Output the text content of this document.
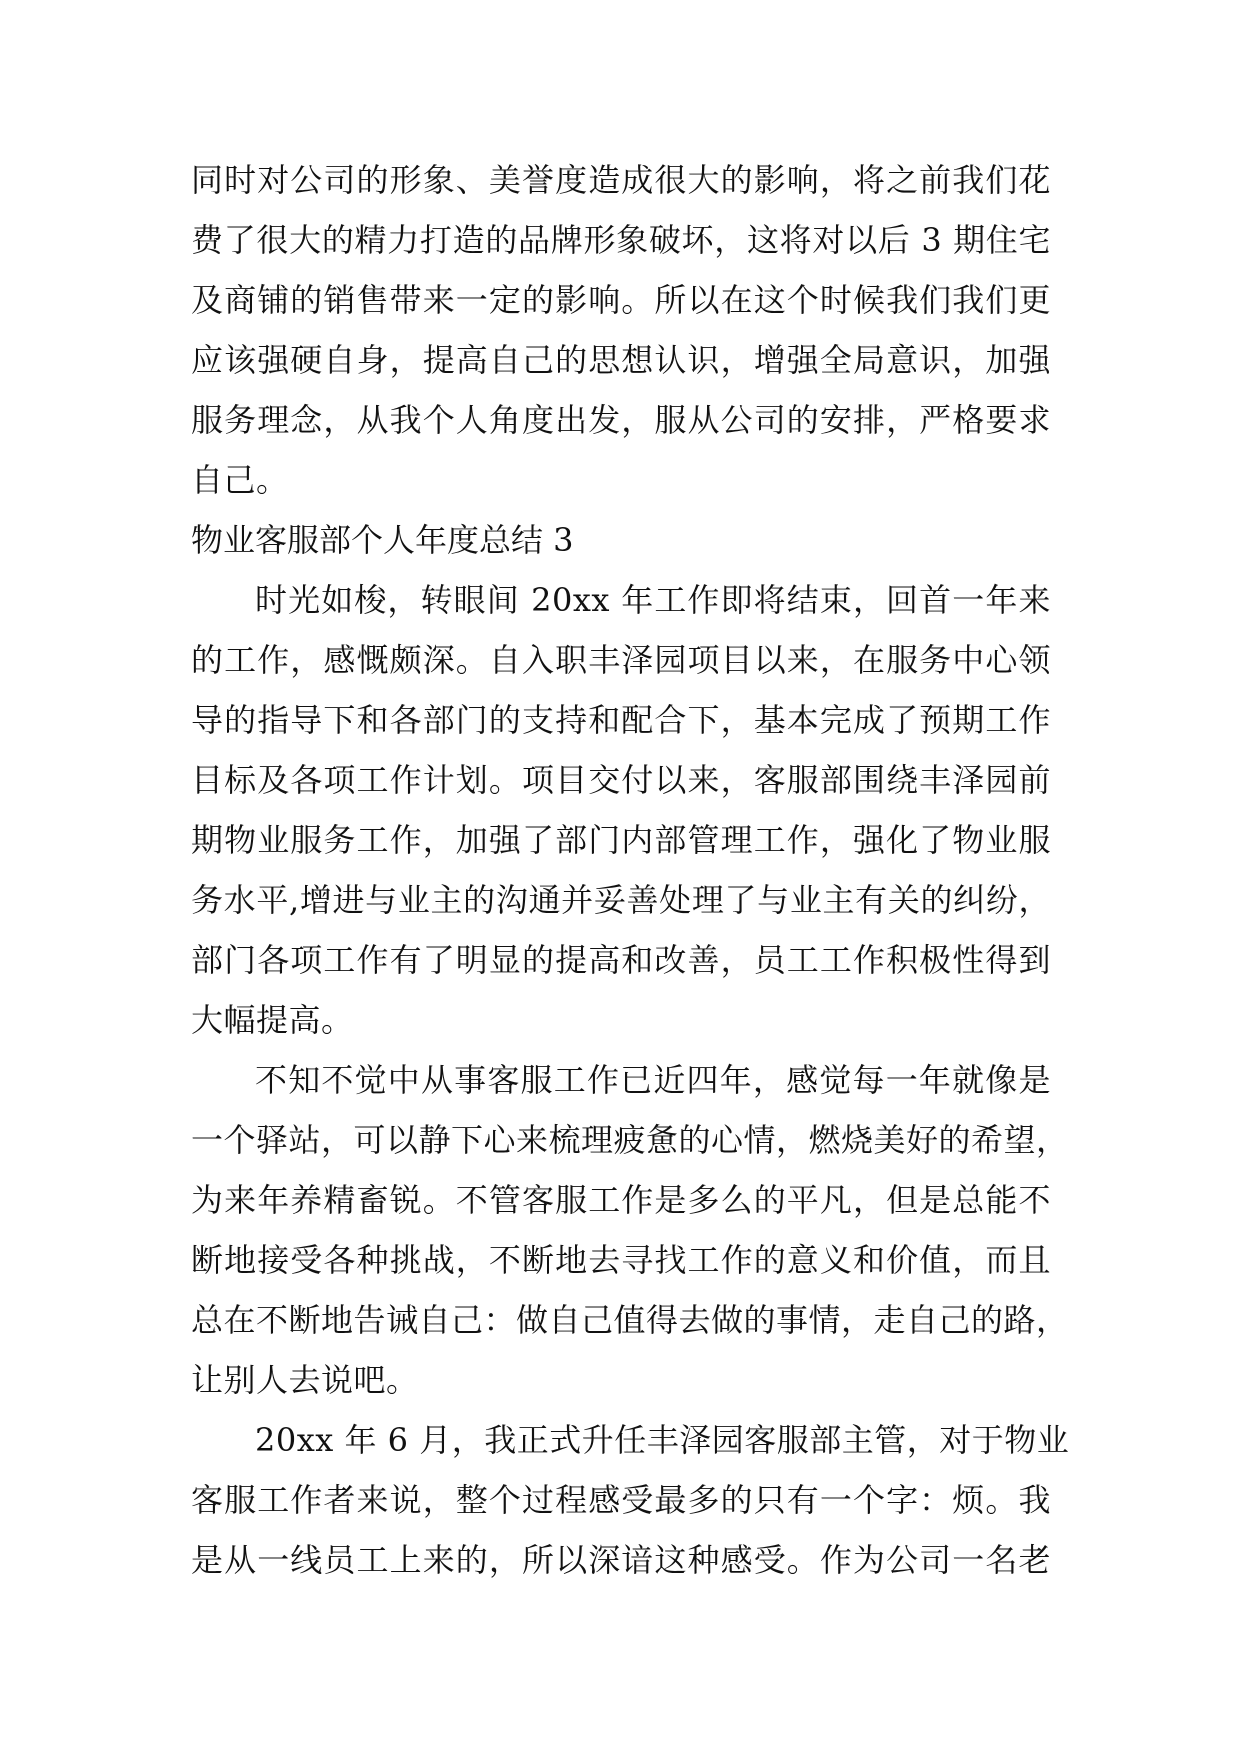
同时对公司的形象、美誉度造成很大的影响，将之前我们花
费了很大的精力打造的品牌形象破坏，这将对以后 3 期住宅
及商铺的销售带来一定的影响。所以在这个时候我们我们更
应该强硬自身，提高自己的思想认识，增强全局意识，加强
服务理念，从我个人角度出发，服从公司的安排，严格要求
自己。
物业客服部个人年度总结 3
时光如梭，转眼间 20xx 年工作即将结束，回首一年来
的工作，感慨颇深。自入职丰泽园项目以来，在服务中心领
导的指导下和各部门的支持和配合下，基本完成了预期工作
目标及各项工作计划。项目交付以来，客服部围绕丰泽园前
期物业服务工作，加强了部门内部管理工作，强化了物业服
务水平,增进与业主的沟通并妥善处理了与业主有关的纠纷，
部门各项工作有了明显的提高和改善，员工工作积极性得到
大幅提高。
不知不觉中从事客服工作已近四年，感觉每一年就像是
一个驿站，可以静下心来梳理疲惫的心情，燃烧美好的希望，
为来年养精畜锐。不管客服工作是多么的平凡，但是总能不
断地接受各种挑战，不断地去寻找工作的意义和价值，而且
总在不断地告诫自己：做自己值得去做的事情，走自己的路，
让别人去说吧。
20xx 年 6 月，我正式升任丰泽园客服部主管，对于物业
客服工作者来说，整个过程感受最多的只有一个字：烦。我
是从一线员工上来的，所以深谙这种感受。作为公司一名老
